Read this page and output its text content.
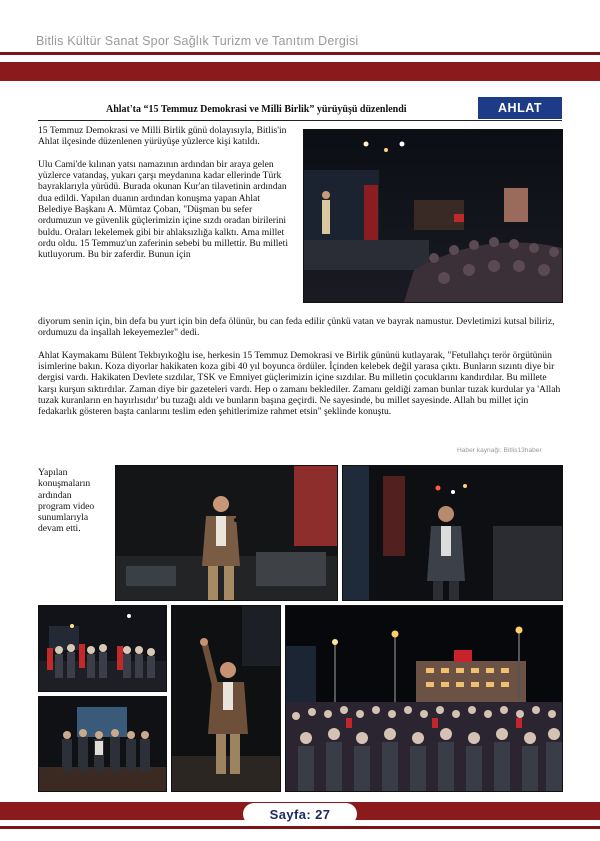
Bitlis Kültür Sanat Spor Sağlık Turizm ve Tanıtım Dergisi
Ahlat'ta “15 Temmuz Demokrasi ve Milli Birlik” yürüyüşü düzenlendi	AHLAT

15 Temmuz Demokrasi ve Milli Birlik günü dolayısıyla, Bitlis'in Ahlat ilçesinde düzenlenen yürüyüşe yüzlerce kişi katıldı.

Ulu Cami'de kılınan yatsı namazının ardından bir araya gelen yüzlerce vatandaş, yukarı çarşı meydanına kadar ellerinde Türk bayraklarıyla yürüdü. Burada okunan Kur'an tilavetinin ardından dua edildi. Yapılan duanın ardından konuşma yapan Ahlat Belediye Başkanı A. Mümtaz Çoban, "Düşman bu sefer ordumuzun ve güvenlik güçlerimizin içine sızdı oradan birilerini buldu. Oraları lekelemek gibi bir ahlaksızlığa kalktı. Ama millet ordu oldu. 15 Temmuz'un zaferinin sebebi bu millettir. Bu milleti kutluyorum. Bu bir zaferdir. Bunun için

diyorum senin için, bin defa bu yurt için bin defa ölünür, bu can feda edilir çünkü vatan ve bayrak namustur. Devletimizi kutsal biliriz, ordumuzu da inşallah lekeyemezler" dedi.

Ahlat Kaymakamı Bülent Tekbıyıkoğlu ise, herkesin 15 Temmuz Demokrasi ve Birlik gününü kutlayarak, "Fetullahçı terör örgütünün isimlerine bakın. Koza diyorlar hakikaten koza gibi 40 yıl boyunca ördüler. İçinden kelebek değil yarasa çıktı. Bunların sızıntı diye bir dergisi vardı. Hakikaten Devlete sızdılar, TSK ve Emniyet güçlerimizin içine sızdılar. Bu milletin çocuklarını kandırdılar. Bu millete karşı kurşun sıktırdılar. Zaman diye bir gazeteleri vardı. Hep o zamanı beklediler. Zamanı geldiği zaman bunlar tuzak kurdular ya 'Allah tuzak kuranların en hayırlısıdır' bu tuzağı aldı ve bunların başına geçirdi. Ne sayesinde, bu millet sayesinde. Allah bu millet için fedakarlık gösteren başta canlarını teslim eden şehitlerimize rahmet etsin" şeklinde konuştu.

Haber kaynağı: Bitlis13haber
Yapılan konuşmaların ardından program video sunumlarıyla devam etti.
Sayfa: 27
